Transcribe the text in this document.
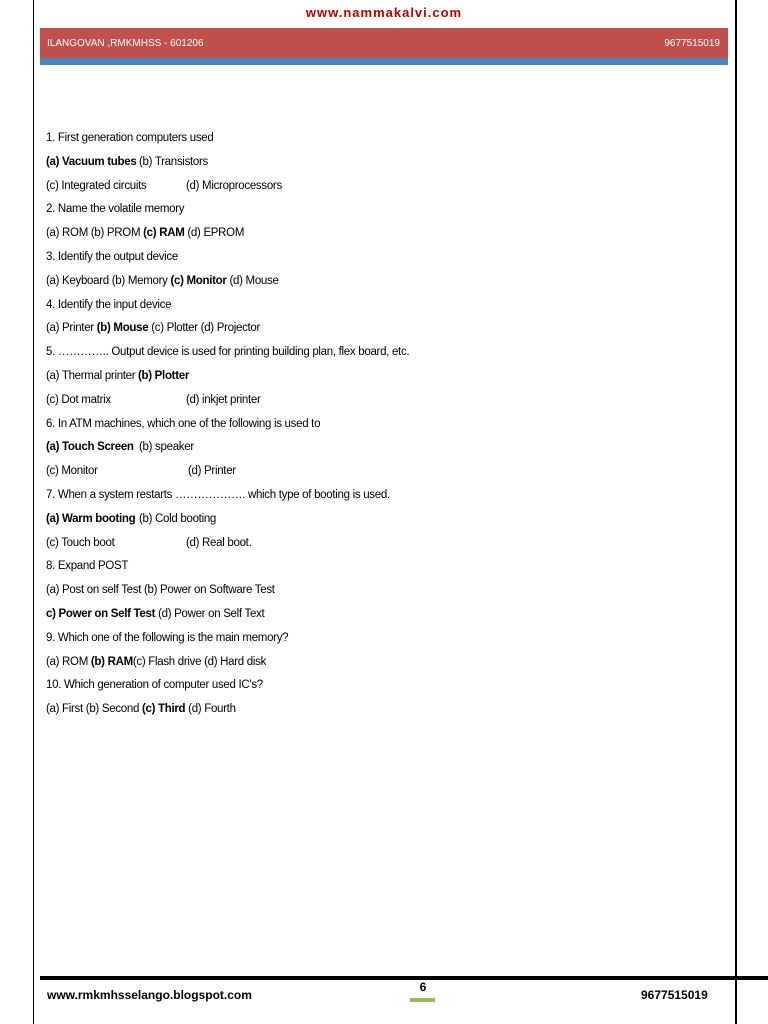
www.nammakalvi.com
ILANGOVAN ,RMKMHSS - 601206	9677515019
1. First generation computers used
(a) Vacuum tubes (b) Transistors
(c) Integrated circuits	(d) Microprocessors
2. Name the volatile memory
(a) ROM (b) PROM (c) RAM (d) EPROM
3. Identify the output device
(a) Keyboard (b) Memory (c) Monitor (d) Mouse
4. Identify the input device
(a) Printer (b) Mouse (c) Plotter (d) Projector
5. ………….. Output device is used for printing building plan, flex board, etc.
(a) Thermal printer (b) Plotter
(c) Dot matrix	(d) inkjet printer
6. In ATM machines, which one of the following is used to
(a) Touch Screen (b) speaker
(c) Monitor	(d) Printer
7. When a system restarts ………………. which type of booting is used.
(a) Warm booting (b) Cold booting
(c) Touch boot	(d) Real boot.
8. Expand POST
(a) Post on self Test (b) Power on Software Test
c) Power on Self Test (d) Power on Self Text
9. Which one of the following is the main memory?
(a) ROM (b) RAM(c) Flash drive (d) Hard disk
10. Which generation of computer used IC's?
(a) First (b) Second (c) Third (d) Fourth
www.rmkmhsselango.blogspot.com
6
9677515019
